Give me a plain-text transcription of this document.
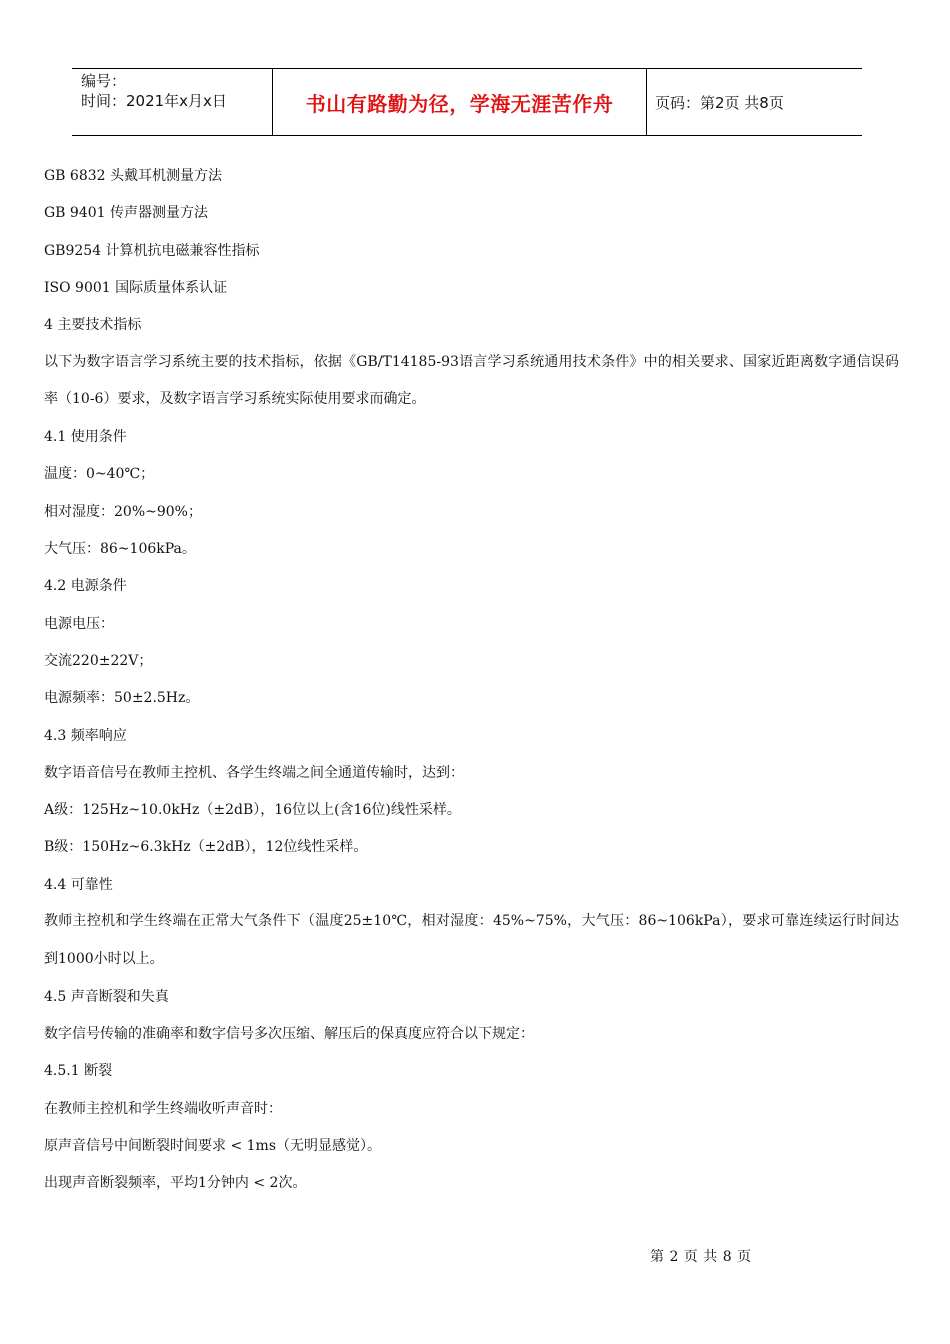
编号：
时间：2021年x月x日	书山有路勤为径，学海无涯苦作舟	页码：第2页 共8页
GB 6832 头戴耳机测量方法
GB 9401 传声器测量方法
GB9254 计算机抗电磁兼容性指标
ISO 9001 国际质量体系认证
4 主要技术指标
以下为数字语言学习系统主要的技术指标，依据《GB/T14185-93语言学习系统通用技术条件》中的相关要求、国家近距离数字通信误码率（10-6）要求，及数字语言学习系统实际使用要求而确定。
4.1 使用条件
温度：0~40℃；
相对湿度：20%~90%；
大气压：86~106kPa。
4.2 电源条件
电源电压：
交流220±22V；
电源频率：50±2.5Hz。
4.3 频率响应
数字语音信号在教师主控机、各学生终端之间全通道传输时，达到：
A级：125Hz~10.0kHz（±2dB），16位以上(含16位)线性采样。
B级：150Hz~6.3kHz（±2dB），12位线性采样。
4.4 可靠性
教师主控机和学生终端在正常大气条件下（温度25±10℃，相对湿度：45%~75%，大气压：86~106kPa），要求可靠连续运行时间达到1000小时以上。
4.5 声音断裂和失真
数字信号传输的准确率和数字信号多次压缩、解压后的保真度应符合以下规定：
4.5.1 断裂
在教师主控机和学生终端收听声音时：
原声音信号中间断裂时间要求 < 1ms（无明显感觉）。
出现声音断裂频率，平均1分钟内 < 2次。
第 2 页 共 8 页
